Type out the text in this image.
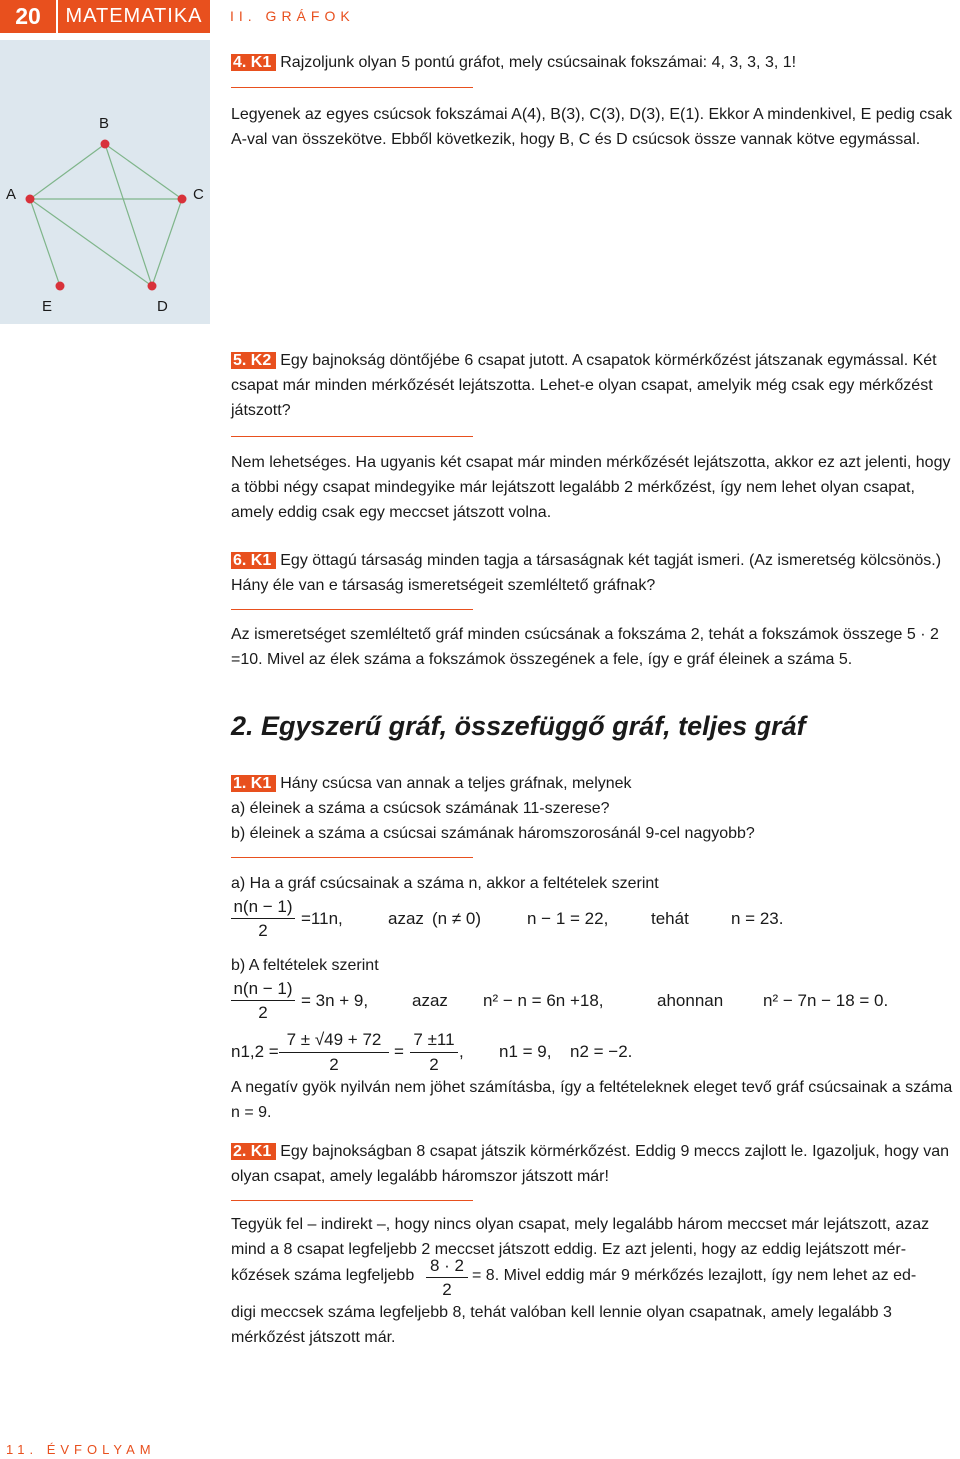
20	MATEMATIKA	II. GRÁFOK
A
B
C
D
E

4. K1 Rajzoljunk olyan 5 pontú gráfot, mely csúcsainak fokszámai: 4, 3, 3, 3, 1!

Legyenek az egyes csúcsok fokszámai A(4), B(3), C(3), D(3), E(1). Ekkor A mindenkivel, E pedig csak A-val van összekötve. Ebből következik, hogy B, C és D csúcsok össze vannak kötve egymással.

5. K2 Egy bajnokság döntőjébe 6 csapat jutott. A csapatok körmérkőzést játszanak egymással. Két csapat már minden mérkőzését lejátszotta. Lehet-e olyan csapat, amelyik még csak egy mérkőzést játszott?

Nem lehetséges. Ha ugyanis két csapat már minden mérkőzését lejátszotta, akkor ez azt jelenti, hogy a többi négy csapat mindegyike már lejátszott legalább 2 mérkőzést, így nem lehet olyan csapat, amely eddig csak egy meccset játszott volna.

6. K1 Egy öttagú társaság minden tagja a társaságnak két tagját ismeri. (Az ismeretség kölcsönös.) Hány éle van e társaság ismeretségeit szemléltető gráfnak?

Az ismeretséget szemléltető gráf minden csúcsának a fokszáma 2, tehát a fokszámok összege 5 · 2 =10. Mivel az élek száma a fokszámok összegének a fele, így e gráf éleinek a száma 5.

2. Egyszerű gráf, összefüggő gráf, teljes gráf

1. K1 Hány csúcsa van annak a teljes gráfnak, melynek

a) éleinek a száma a csúcsok számának 11-szerese?

b) éleinek a száma a csúcsai számának háromszorosánál 9-cel nagyobb?

a) Ha a gráf csúcsainak a száma n, akkor a feltételek szerint

n(n − 1)
2
=11n,	azaz (n ≠ 0)	n − 1 = 22,	tehát n = 23.

b) A feltételek szerint

n(n − 1)
2
= 3n + 9,	azaz n² − n = 6n +18,	ahonnan n² − 7n − 18 = 0.
n1,2 =
7 ± √49 + 72
2
=
7 ±11
2
, n1 = 9, n2 = −2.

A negatív gyök nyilván nem jöhet számításba, így a feltételeknek eleget tevő gráf csúcsainak a száma n = 9.

2. K1 Egy bajnokságban 8 csapat játszik körmérkőzést. Eddig 9 meccs zajlott le. Igazoljuk, hogy van olyan csapat, amely legalább háromszor játszott már!

Tegyük fel – indirekt –, hogy nincs olyan csapat, mely legalább három meccset már lejátszott, azaz mind a 8 csapat legfeljebb 2 meccset játszott eddig. Ez azt jelenti, hogy az eddig lejátszott mér-

kőzések száma legfeljebb
8 · 2
2
= 8. Mivel eddig már 9 mérkőzés lezajlott, így nem lehet az ed-

digi meccsek száma legfeljebb 8, tehát valóban kell lennie olyan csapatnak, amely legalább 3 mérkőzést játszott már.

11. ÉVFOLYAM
